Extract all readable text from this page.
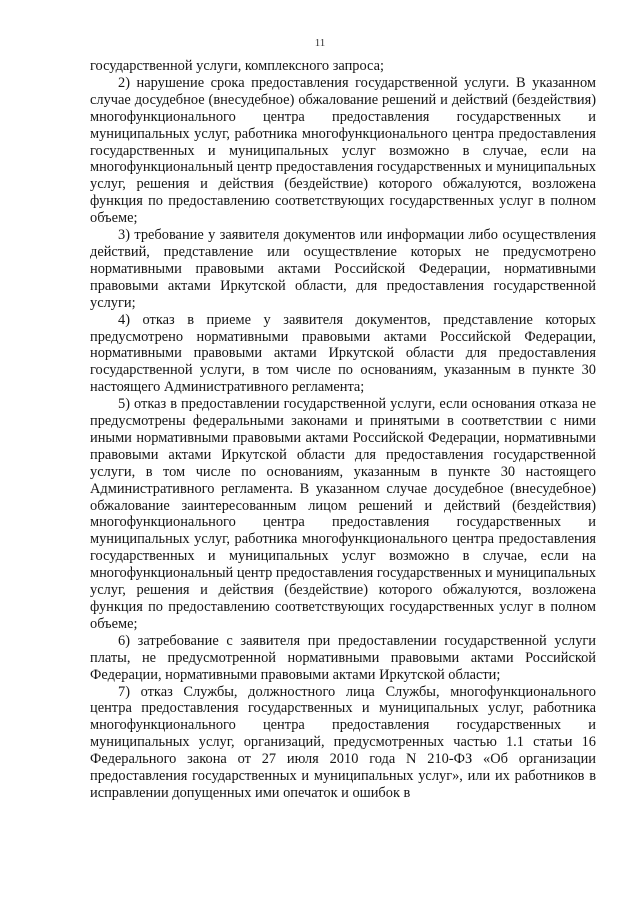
11

государственной услуги, комплексного запроса;

2) нарушение срока предоставления государственной услуги. В указанном случае досудебное (внесудебное) обжалование решений и действий (бездействия) многофункционального центра предоставления государственных и муниципальных услуг, работника многофункционального центра предоставления государственных и муниципальных услуг возможно в случае, если на многофункциональный центр предоставления государственных и муниципальных услуг, решения и действия (бездействие) которого обжалуются, возложена функция по предоставлению соответствующих государственных услуг в полном объеме;

3) требование у заявителя документов или информации либо осуществления действий, представление или осуществление которых не предусмотрено нормативными правовыми актами Российской Федерации, нормативными правовыми актами Иркутской области, для предоставления государственной услуги;

4) отказ в приеме у заявителя документов, представление которых предусмотрено нормативными правовыми актами Российской Федерации, нормативными правовыми актами Иркутской области для предоставления государственной услуги, в том числе по основаниям, указанным в пункте 30 настоящего Административного регламента;

5) отказ в предоставлении государственной услуги, если основания отказа не предусмотрены федеральными законами и принятыми в соответствии с ними иными нормативными правовыми актами Российской Федерации, нормативными правовыми актами Иркутской области для предоставления государственной услуги, в том числе по основаниям, указанным в пункте 30 настоящего Административного регламента. В указанном случае досудебное (внесудебное) обжалование заинтересованным лицом решений и действий (бездействия) многофункционального центра предоставления государственных и муниципальных услуг, работника многофункционального центра предоставления государственных и муниципальных услуг возможно в случае, если на многофункциональный центр предоставления государственных и муниципальных услуг, решения и действия (бездействие) которого обжалуются, возложена функция по предоставлению соответствующих государственных услуг в полном объеме;

6) затребование с заявителя при предоставлении государственной услуги платы, не предусмотренной нормативными правовыми актами Российской Федерации, нормативными правовыми актами Иркутской области;

7) отказ Службы, должностного лица Службы, многофункционального центра предоставления государственных и муниципальных услуг, работника многофункционального центра предоставления государственных и муниципальных услуг, организаций, предусмотренных частью 1.1 статьи 16 Федерального закона от 27 июля 2010 года N 210-ФЗ «Об организации предоставления государственных и муниципальных услуг», или их работников в исправлении допущенных ими опечаток и ошибок в
